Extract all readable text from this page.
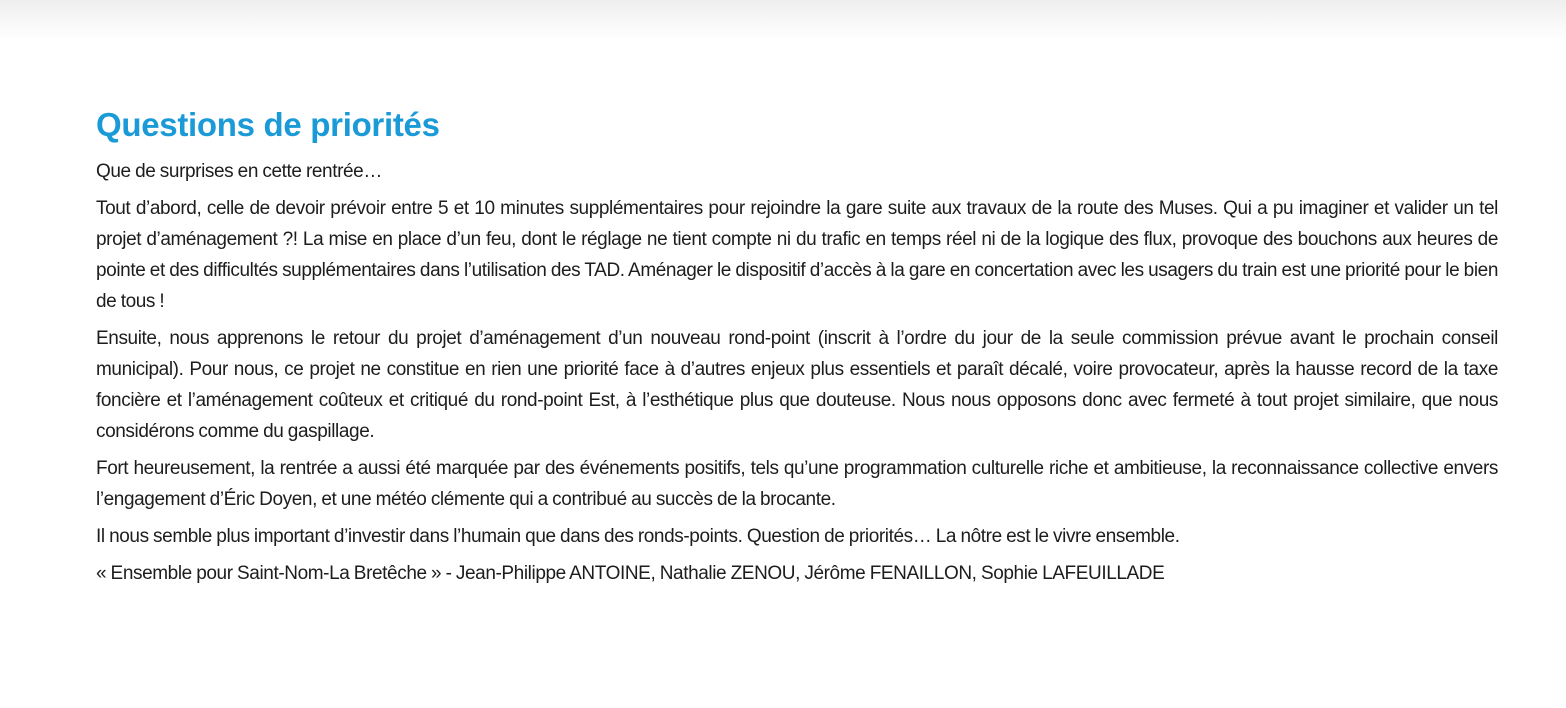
Questions de priorités

Que de surprises en cette rentrée…

Tout d’abord, celle de devoir prévoir entre 5 et 10 minutes supplémentaires pour rejoindre la gare suite aux travaux de la route des Muses. Qui a pu imaginer et valider un tel projet d’aménagement ?! La mise en place d’un feu, dont le réglage ne tient compte ni du trafic en temps réel ni de la logique des flux, provoque des bouchons aux heures de pointe et des difficultés supplémentaires dans l’utilisation des TAD. Aménager le dispositif d’accès à la gare en concertation avec les usagers du train est une priorité pour le bien de tous !

Ensuite, nous apprenons le retour du projet d’aménagement d’un nouveau rond-point (inscrit à l’ordre du jour de la seule commission prévue avant le prochain conseil municipal). Pour nous, ce projet ne constitue en rien une priorité face à d’autres enjeux plus essentiels et paraît décalé, voire provocateur, après la hausse record de la taxe foncière et l’aménagement coûteux et critiqué du rond-point Est, à l’esthétique plus que douteuse. Nous nous opposons donc avec fermeté à tout projet similaire, que nous considérons comme du gaspillage.

Fort heureusement, la rentrée a aussi été marquée par des événements positifs, tels qu’une programmation culturelle riche et ambitieuse, la reconnaissance collective envers l’engagement d’Éric Doyen, et une météo clémente qui a contribué au succès de la brocante.

Il nous semble plus important d’investir dans l’humain que dans des ronds-points. Question de priorités… La nôtre est le vivre ensemble.

« Ensemble pour Saint-Nom-La Bretêche » - Jean-Philippe ANTOINE, Nathalie ZENOU, Jérôme FENAILLON, Sophie LAFEUILLADE
